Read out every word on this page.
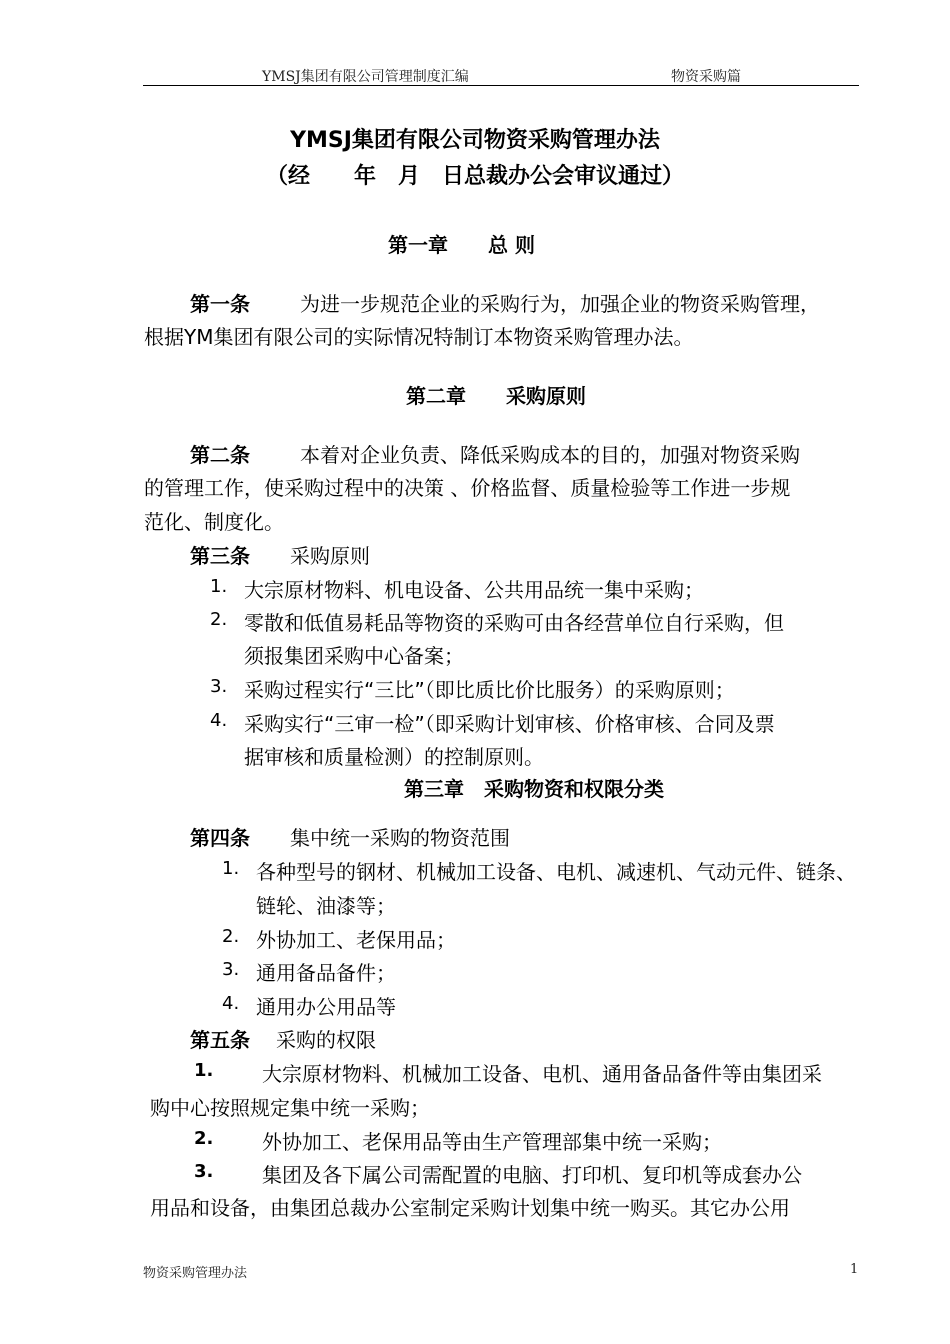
YMSJ集团有限公司管理制度汇编	物资采购篇
YMSJ集团有限公司物资采购管理办法
（经　　年　月　日总裁办公会审议通过）
第一章　　总 则
第一条	为进一步规范企业的采购行为，加强企业的物资采购管理，
根据YM集团有限公司的实际情况特制订本物资采购管理办法。
第二章　　采购原则
第二条	本着对企业负责、降低采购成本的目的，加强对物资采购
的管理工作，使采购过程中的决策 、价格监督、质量检验等工作进一步规
范化、制度化。
第三条 采购原则
1. 大宗原材物料、机电设备、公共用品统一集中采购；
2. 零散和低值易耗品等物资的采购可由各经营单位自行采购，但
须报集团采购中心备案；
3. 采购过程实行“三比”（即比质比价比服务）的采购原则；
4. 采购实行“三审一检”（即采购计划审核、价格审核、合同及票
据审核和质量检测）的控制原则。
第三章　采购物资和权限分类
第四条 集中统一采购的物资范围
1. 各种型号的钢材、机械加工设备、电机、减速机、气动元件、链条、
链轮、油漆等；
2. 外协加工、老保用品；
3. 通用备品备件；
4. 通用办公用品等
第五条 采购的权限
1. 大宗原材物料、机械加工设备、电机、通用备品备件等由集团采
购中心按照规定集中统一采购；
2. 外协加工、老保用品等由生产管理部集中统一采购；
3. 集团及各下属公司需配置的电脑、打印机、复印机等成套办公
用品和设备，由集团总裁办公室制定采购计划集中统一购买。其它办公用
物资采购管理办法	1
